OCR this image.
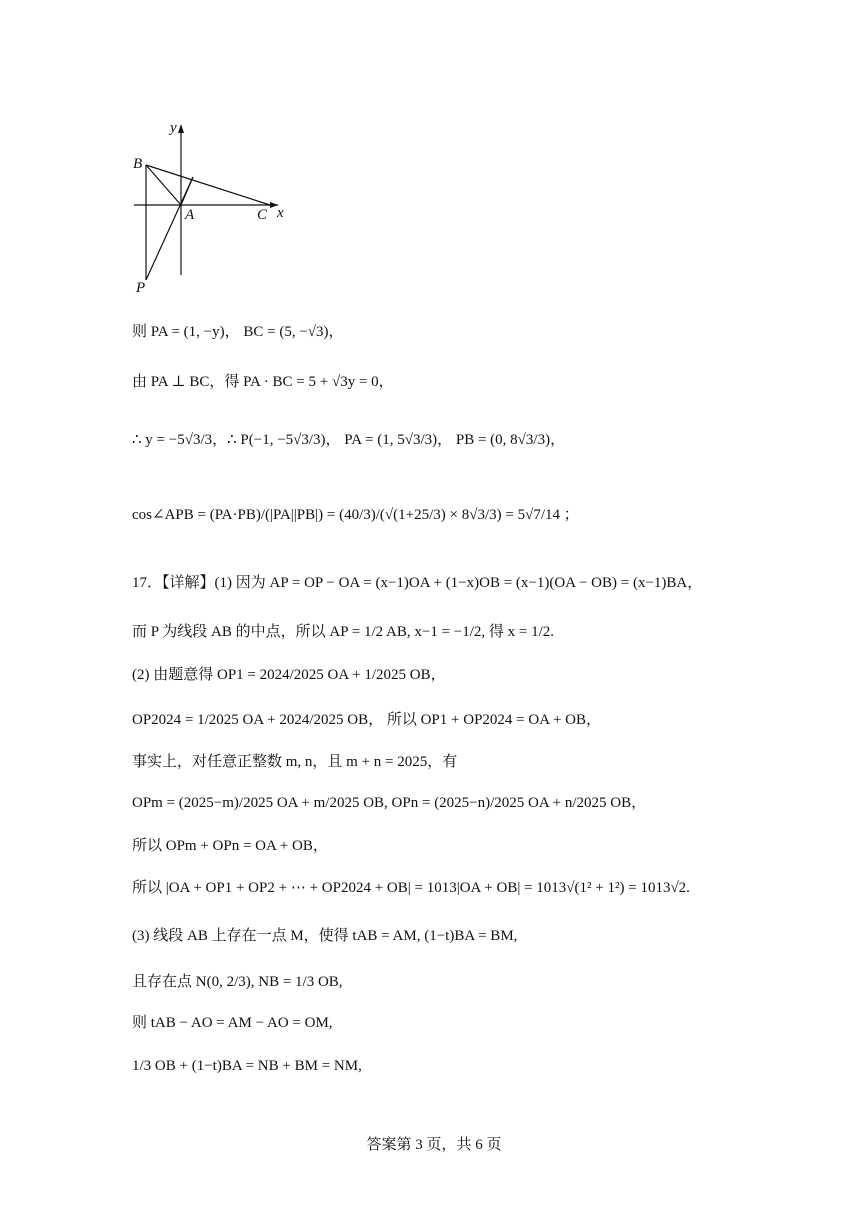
y
B
A	C x
P
则 PA = (1, −y)， BC = (5, −√3)，
由 PA ⊥ BC，得 PA · BC = 5 + √3y = 0，
∴ y = −5√3/3，∴ P(−1, −5√3/3)， PA = (1, 5√3/3)， PB = (0, 8√3/3)，
cos∠APB = (PA·PB)/(|PA||PB|) = (40/3)/(√(1+25/3) × 8√3/3) = 5√7/14 ；
17．【详解】(1) 因为 AP = OP − OA = (x−1)OA + (1−x)OB = (x−1)(OA − OB) = (x−1)BA，
而 P 为线段 AB 的中点，所以 AP = 1/2 AB, x−1 = −1/2, 得 x = 1/2.
(2) 由题意得 OP1 = 2024/2025 OA + 1/2025 OB，
OP2024 = 1/2025 OA + 2024/2025 OB， 所以 OP1 + OP2024 = OA + OB，
事实上，对任意正整数 m, n，且 m + n = 2025，有
OPm = (2025−m)/2025 OA + m/2025 OB, OPn = (2025−n)/2025 OA + n/2025 OB，
所以 OPm + OPn = OA + OB，
所以 |OA + OP1 + OP2 + ⋯ + OP2024 + OB| = 1013|OA + OB| = 1013√(1² + 1²) = 1013√2.
(3) 线段 AB 上存在一点 M，使得 tAB = AM, (1−t)BA = BM,
且存在点 N(0, 2/3), NB = 1/3 OB,
则 tAB − AO = AM − AO = OM,
1/3 OB + (1−t)BA = NB + BM = NM,
答案第 3 页，共 6 页
